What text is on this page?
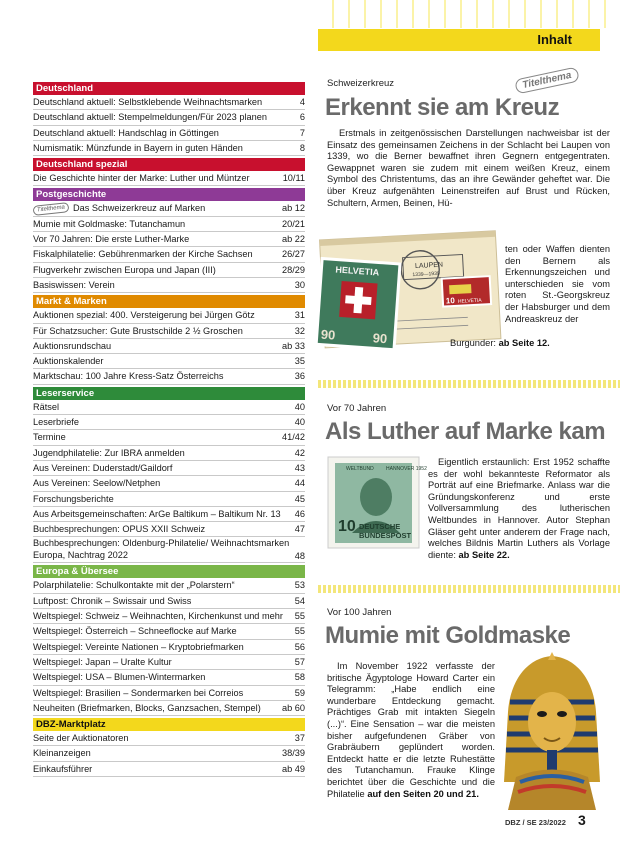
Inhalt
Deutschland
Deutschland aktuell: Selbstklebende Weihnachtsmarken	4
Deutschland aktuell: Stempelmeldungen/Für 2023 planen	6
Deutschland aktuell: Handschlag in Göttingen	7
Numismatik: Münzfunde in Bayern in guten Händen	8
Deutschland spezial
Die Geschichte hinter der Marke: Luther und Müntzer	10/11
Postgeschichte
Titelthema Das Schweizerkreuz auf Marken	ab 12
Mumie mit Goldmaske: Tutanchamun	20/21
Vor 70 Jahren: Die erste Luther-Marke	ab 22
Fiskalphilatelie: Gebührenmarken der Kirche Sachsen	26/27
Flugverkehr zwischen Europa und Japan (III)	28/29
Basiswissen: Verein	30
Markt & Marken
Auktionen spezial: 400. Versteigerung bei Jürgen Götz	31
Für Schatzsucher: Gute Brustschilde 2 ½ Groschen	32
Auktionsrundschau	ab 33
Auktionskalender	35
Marktschau: 100 Jahre Kress-Satz Österreichs	36
Leserservice
Rätsel	40
Leserbriefe	40
Termine	41/42
Jugendphilatelie: Zur IBRA anmelden	42
Aus Vereinen: Duderstadt/Gaildorf	43
Aus Vereinen: Seelow/Netphen	44
Forschungsberichte	45
Aus Arbeitsgemeinschaften: ArGe Baltikum – Baltikum Nr. 13	46
Buchbesprechungen: OPUS XXII Schweiz	47
Buchbesprechungen: Oldenburg-Philatelie/ Weihnachtsmarken Europa, Nachtrag 2022	48
Europa & Übersee
Polarphilatelie: Schulkontakte mit der „Polarstern“	53
Luftpost: Chronik – Swissair und Swiss	54
Weltspiegel: Schweiz – Weihnachten, Kirchenkunst und mehr	55
Weltspiegel: Österreich – Schneeflocke auf Marke	55
Weltspiegel: Vereinte Nationen – Kryptobriefmarken	56
Weltspiegel: Japan – Uralte Kultur	57
Weltspiegel: USA – Blumen-Wintermarken	58
Weltspiegel: Brasilien – Sondermarken bei Correios	59
Neuheiten (Briefmarken, Blocks, Ganzsachen, Stempel)	ab 60
DBZ-Marktplatz
Seite der Auktionatoren	37
Kleinanzeigen	38/39
Einkaufsführer	ab 49
Schweizerkreuz	Titelthema
Erkennt sie am Kreuz
Erstmals in zeitgenössischen Darstellungen nachweisbar ist der Einsatz des gemeinsamen Zeichens in der Schlacht bei Laupen von 1339, wo die Berner bewaffnet ihren Gegnern entgegentraten. Gewappnet waren sie zudem mit einem weißen Kreuz, einem Symbol des Christentums, das an ihre Gewänder geheftet war. Die über Kreuz aufgenähten Leinenstreifen auf Brust und Rücken, Schultern, Armen, Beinen, Hü-
LAUPEN
1339—1939
10 HELVETIA
HELVETIA
90	90
ten oder Waffen dienten den Bernern als Erkennungszeichen und unterschieden sie vom roten St.-Georgskreuz der Habsburger und dem Andreaskreuz der
Burgunder: ab Seite 12.
Vor 70 Jahren
Als Luther auf Marke kam
10 DEUTSCHE
BUNDESPOST
WELTBUND HANNOVER 1952
Eigentlich erstaunlich: Erst 1952 schaffte es der wohl bekannteste Reformator als Porträt auf eine Briefmarke. Anlass war die Gründungskonferenz und erste Vollversammlung des lutherischen Weltbundes in Hannover. Autor Stephan Gläser geht unter anderem der Frage nach, welches Bildnis Martin Luthers als Vorlage diente: ab Seite 22.
Vor 100 Jahren
Mumie mit Goldmaske
Im November 1922 verfasste der britische Ägyptologe Howard Carter ein Telegramm: „Habe endlich eine wunderbare Entdeckung gemacht. Prächtiges Grab mit intakten Siegeln (...)“. Eine Sensation – war die meisten bisher aufgefundenen Gräber von Grabräubern geplündert worden. Entdeckt hatte er die letzte Ruhestätte des Tutanchamun. Frauke Klinge berichtet über die Geschichte und die Philatelie auf den Seiten 20 und 21.
DBZ / SE 23/2022 3
